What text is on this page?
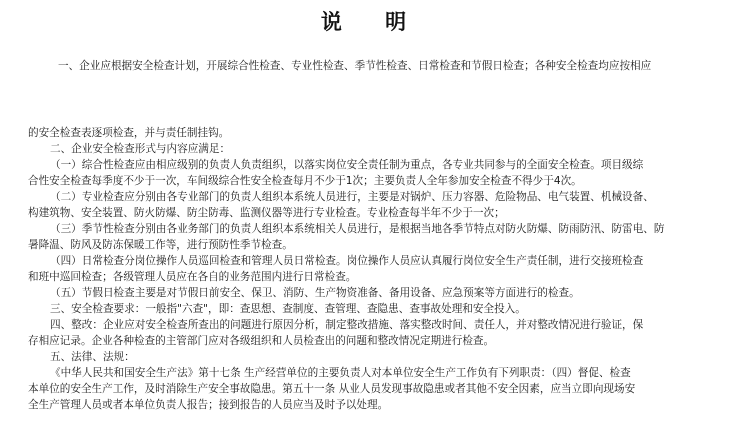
说 明
一、企业应根据安全检查计划，开展综合性检查、专业性检查、季节性检查、日常检查和节假日检查；各种安全检查均应按相应
的安全检查表逐项检查，并与责任制挂钩。
二、企业安全检查形式与内容应满足：
（一）综合性检查应由相应级别的负责人负责组织，以落实岗位安全责任制为重点，各专业共同参与的全面安全检查。项目级综
合性安全检查每季度不少于一次，车间级综合性安全检查每月不少于1次；主要负责人全年参加安全检查不得少于4次。
（二）专业检查应分别由各专业部门的负责人组织本系统人员进行，主要是对锅炉、压力容器、危险物品、电气装置、机械设备、
构建筑物、安全装置、防火防爆、防尘防毒、监测仪器等进行专业检查。专业检查每半年不少于一次；
（三）季节性检查分别由各业务部门的负责人组织本系统相关人员进行，是根据当地各季节特点对防火防爆、防雨防汛、防雷电、防
暑降温、防风及防冻保暖工作等，进行预防性季节检查。
（四）日常检查分岗位操作人员巡回检查和管理人员日常检查。岗位操作人员应认真履行岗位安全生产责任制，进行交接班检查
和班中巡回检查；各级管理人员应在各自的业务范围内进行日常检查。
（五）节假日检查主要是对节假日前安全、保卫、消防、生产物资准备、备用设备、应急预案等方面进行的检查。
三、安全检查要求：一般指"六查"，即：查思想、查制度、查管理、查隐患、查事故处理和安全投入。
四、整改：企业应对安全检查所查出的问题进行原因分析，制定整改措施、落实整改时间、责任人，并对整改情况进行验证，保
存相应记录。企业各种检查的主管部门应对各级组织和人员检查出的问题和整改情况定期进行检查。
五、法律、法规：
《中华人民共和国安全生产法》第十七条 生产经营单位的主要负责人对本单位安全生产工作负有下列职责：（四）督促、检查
本单位的安全生产工作，及时消除生产安全事故隐患。第五十一条 从业人员发现事故隐患或者其他不安全因素，应当立即向现场安
全生产管理人员或者本单位负责人报告；接到报告的人员应当及时予以处理。
